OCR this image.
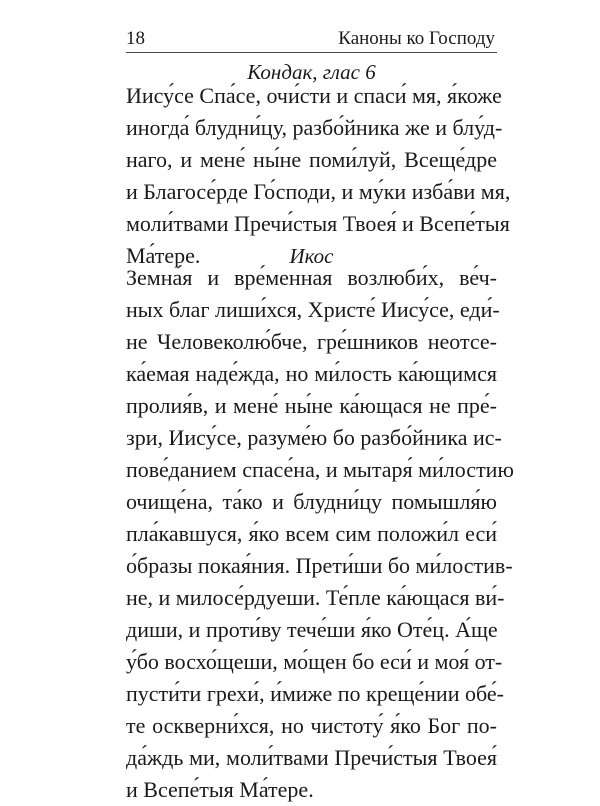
18	Каноны ко Господу
Кондак, глас 6
Иису́се Спа́се, очи́сти и спаси́ мя, я́коже
иногда́ блудни́цу, разбо́йника же и блу́д-
наго, и мене́ ны́не поми́луй, Всеще́дре
и Благосе́рде Го́споди, и му́ки изба́ви мя,
моли́твами Пречи́стыя Твоея́ и Всепе́тыя
Ма́тере.	Икос
Земна́я и вре́менная возлюби́х, ве́ч-
ных благ лиши́хся, Христе́ Иису́се, еди́-
не Человеколю́бче, гре́шников неотсе-
ка́емая наде́жда, но ми́лость ка́ющимся
пролия́в, и мене́ ны́не ка́ющася не пре́-
зри, Иису́се, разуме́ю бо разбо́йника ис-
пове́данием спасе́на, и мытаря́ ми́лостию
очище́на, та́ко и блудни́цу помышля́ю
пла́кавшуся, я́ко всем сим положи́л еси́
о́бразы покая́ния. Прети́ши бо ми́лостив-
не, и милосе́рдуеши. Те́пле ка́ющася ви́-
диши, и проти́ву тече́ши я́ко Оте́ц. А́ще
у́бо восхо́щеши, мо́щен бо еси́ и моя́ от-
пусти́ти грехи́, и́миже по креще́нии обе́-
те оскверни́хся, но чистоту́ я́ко Бог по-
да́ждь ми, моли́твами Пречи́стыя Твоея́
и Всепе́тыя Ма́тере.
